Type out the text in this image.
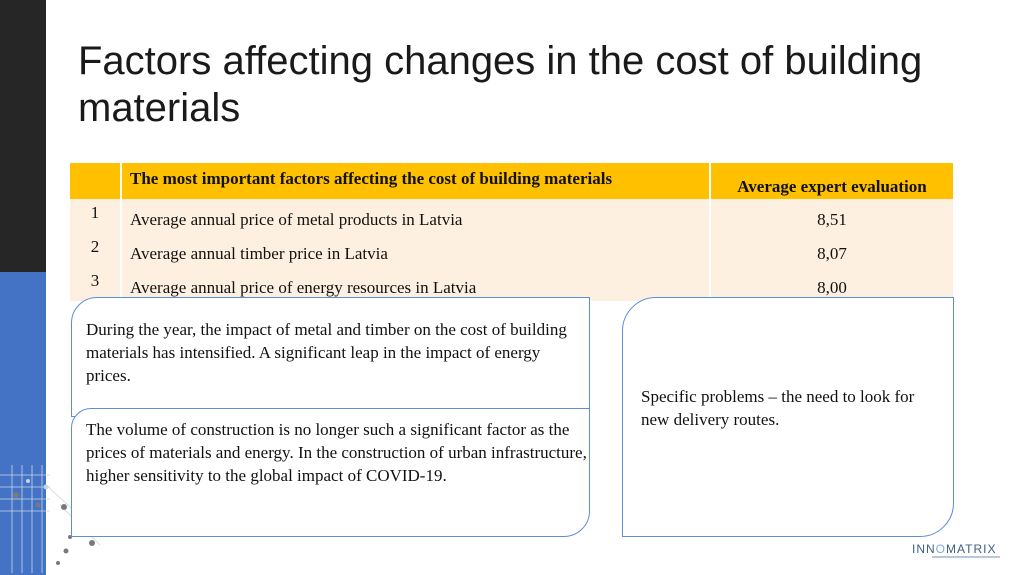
Factors affecting changes in the cost of building materials
	The most important factors affecting the cost of building materials	Average expert evaluation
1	Average annual price of metal products in Latvia	8,51
2	Average annual timber price in Latvia	8,07
3	Average annual price of energy resources in Latvia	8,00
During the year, the impact of metal and timber on the cost of building materials has intensified. A significant leap in the impact of energy prices.
The volume of construction is no longer such a significant factor as the prices of materials and energy. In the construction of urban infrastructure, higher sensitivity to the global impact of COVID-19.
Specific problems – the need to look for new delivery routes.
INNOMATRIX
